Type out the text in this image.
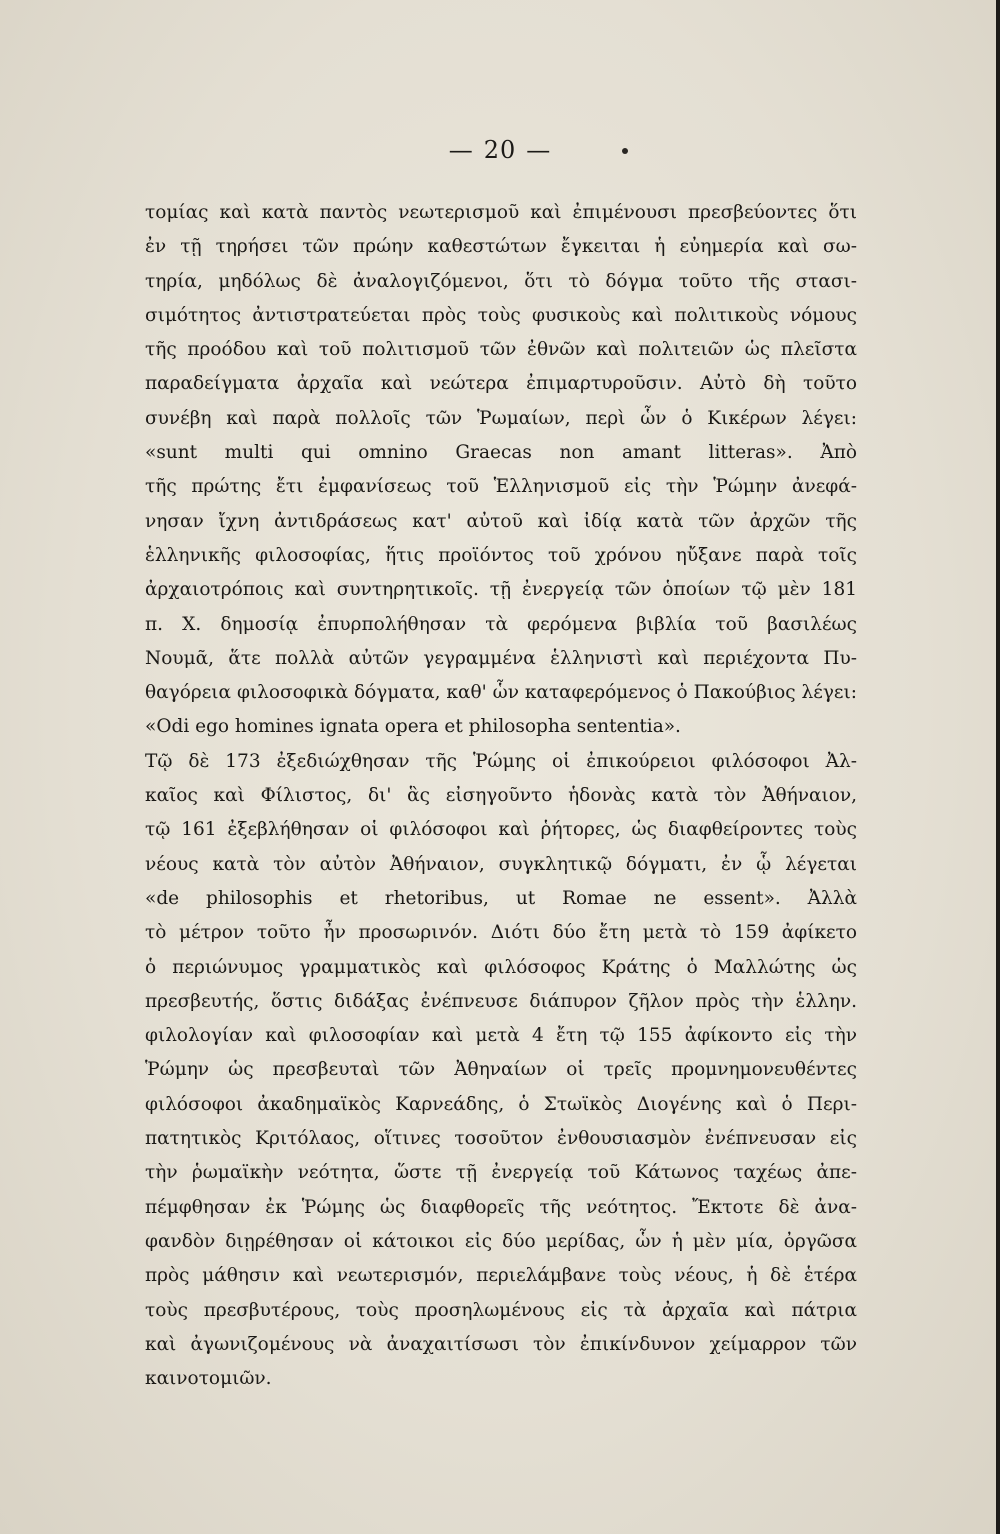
— 20 —
τομίας καὶ κατὰ παντὸς νεωτερισμοῦ καὶ ἐπιμένουσι πρεσβεύοντες ὅτι
ἐν τῇ τηρήσει τῶν πρώην καθεστώτων ἔγκειται ἡ εὐημερία καὶ σω-
τηρία, μηδόλως δὲ ἀναλογιζόμενοι, ὅτι τὸ δόγμα τοῦτο τῆς στασι-
σιμότητος ἀντιστρατεύεται πρὸς τοὺς φυσικοὺς καὶ πολιτικοὺς νόμους
τῆς προόδου καὶ τοῦ πολιτισμοῦ τῶν ἐθνῶν καὶ πολιτειῶν ὡς πλεῖστα
παραδείγματα ἀρχαῖα καὶ νεώτερα ἐπιμαρτυροῦσιν. Αὐτὸ δὴ τοῦτο
συνέβη καὶ παρὰ πολλοῖς τῶν Ῥωμαίων, περὶ ὧν ὁ Κικέρων λέγει:
«sunt multi qui omnino Graecas non amant litteras». Ἀπὸ
τῆς πρώτης ἔτι ἐμφανίσεως τοῦ Ἑλληνισμοῦ εἰς τὴν Ῥώμην ἀνεφά-
νησαν ἴχνη ἀντιδράσεως κατ' αὐτοῦ καὶ ἰδίᾳ κατὰ τῶν ἀρχῶν τῆς
ἑλληνικῆς φιλοσοφίας, ἥτις προϊόντος τοῦ χρόνου ηὔξανε παρὰ τοῖς
ἀρχαιοτρόποις καὶ συντηρητικοῖς. τῇ ἐνεργείᾳ τῶν ὁποίων τῷ μὲν 181
π. Χ. δημοσίᾳ ἐπυρπολήθησαν τὰ φερόμενα βιβλία τοῦ βασιλέως
Νουμᾶ, ἅτε πολλὰ αὐτῶν γεγραμμένα ἑλληνιστὶ καὶ περιέχοντα Πυ-
θαγόρεια φιλοσοφικὰ δόγματα, καθ' ὧν καταφερόμενος ὁ Πακούβιος λέγει:
«Odi ego homines ignata opera et philosopha sententia».
Τῷ δὲ 173 ἐξεδιώχθησαν τῆς Ῥώμης οἱ ἐπικούρειοι φιλόσοφοι Ἀλ-
καῖος καὶ Φίλιστος, δι' ἃς εἰσηγοῦντο ἡδονὰς κατὰ τὸν Ἀθήναιον,
τῷ 161 ἐξεβλήθησαν οἱ φιλόσοφοι καὶ ῥήτορες, ὡς διαφθείροντες τοὺς
νέους κατὰ τὸν αὐτὸν Ἀθήναιον, συγκλητικῷ δόγματι, ἐν ᾧ λέγεται
«de philosophis et rhetoribus, ut Romae ne essent». Ἀλλὰ
τὸ μέτρον τοῦτο ἦν προσωρινόν. Διότι δύο ἔτη μετὰ τὸ 159 ἀφίκετο
ὁ περιώνυμος γραμματικὸς καὶ φιλόσοφος Κράτης ὁ Μαλλώτης ὡς
πρεσβευτής, ὅστις διδάξας ἐνέπνευσε διάπυρον ζῆλον πρὸς τὴν ἑλλην.
φιλολογίαν καὶ φιλοσοφίαν καὶ μετὰ 4 ἔτη τῷ 155 ἀφίκοντο εἰς τὴν
Ῥώμην ὡς πρεσβευταὶ τῶν Ἀθηναίων οἱ τρεῖς προμνημονευθέντες
φιλόσοφοι ἀκαδημαϊκὸς Καρνεάδης, ὁ Στωϊκὸς Διογένης καὶ ὁ Περι-
πατητικὸς Κριτόλαος, οἵτινες τοσοῦτον ἐνθουσιασμὸν ἐνέπνευσαν εἰς
τὴν ῥωμαϊκὴν νεότητα, ὥστε τῇ ἐνεργείᾳ τοῦ Κάτωνος ταχέως ἀπε-
πέμφθησαν ἐκ Ῥώμης ὡς διαφθορεῖς τῆς νεότητος. Ἔκτοτε δὲ ἀνα-
φανδὸν διῃρέθησαν οἱ κάτοικοι εἰς δύο μερίδας, ὧν ἡ μὲν μία, ὀργῶσα
πρὸς μάθησιν καὶ νεωτερισμόν, περιελάμβανε τοὺς νέους, ἡ δὲ ἑτέρα
τοὺς πρεσβυτέρους, τοὺς προσηλωμένους εἰς τὰ ἀρχαῖα καὶ πάτρια
καὶ ἀγωνιζομένους νὰ ἀναχαιτίσωσι τὸν ἐπικίνδυνον χείμαρρον τῶν
καινοτομιῶν.
